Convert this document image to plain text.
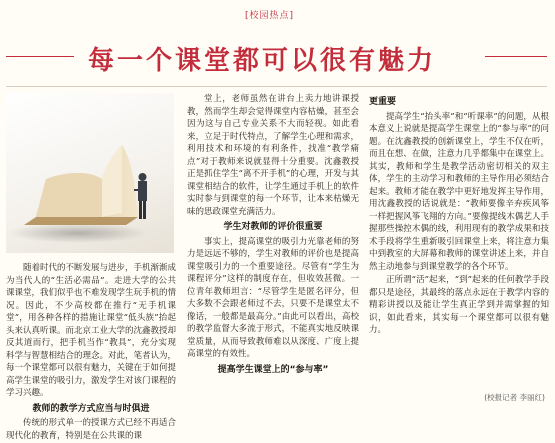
[校园热点]
每一个课堂都可以很有魅力

随着时代的不断发展与进步，手机渐渐成为当代人的“生活必需品”。走进大学的公共课课堂，我们似乎也不难发现学生玩手机的情况。因此，不少高校都在推行“无手机课堂”，用各种各样的措施让课堂“低头族”抬起头来认真听课。而北京工业大学的沈鑫教授却反其道而行，把手机当作“教具”，充分实现科学与智慧相结合的理念。对此，笔者认为，每一个课堂都可以很有魅力，关键在于如何提高学生课堂的吸引力，激发学生对该门课程的学习兴趣。

教师的教学方式应当与时俱进

传统的形式单一的授课方式已经不再适合现代化的教育，特别是在公共课的课

堂上，老师虽然在讲台上卖力地讲课授教，然而学生却会觉得课堂内容枯燥，甚至会因为这与自己专业关系不大而轻视。如此看来，立足于时代特点，了解学生心理和需求，利用技术和环境的有利条件，找准“教学痛点”对于教师来说就显得十分重要。沈鑫教授正是抓住学生“离不开手机”的心理，开发与其课堂相结合的软件，让学生通过手机上的软件实时参与到课堂的每一个环节，让本来枯燥无味的思政课堂充满活力。

学生对教师的评价很重要

事实上，提高课堂的吸引力光靠老师的努力是远远不够的，学生对教师的评价也是提高课堂吸引力的一个重要途径。尽管有“学生为课程评分”这样的制度存在，但收效甚微。一位青年教师坦言：“尽管学生是匿名评分，但大多数不会跟老师过不去，只要不是课堂太不像话，一般都是最高分。”由此可以看出，高校的教学监督大多流于形式，不能真实地反映课堂质量，从而导致教师难以从深度、广度上提高课堂的有效性。

提高学生课堂上的“参与率”
更重要

提高学生“抬头率”和“听课率”的问题，从根本意义上说就是提高学生课堂上的“参与率”的问题。在沈鑫教授的创新课堂上，学生不仅在听，而且在想、在做，注意力几乎都集中在课堂上。其实，教师和学生是教学活动密切相关的双主体，学生的主动学习和教师的主导作用必须结合起来。教师才能在教学中更好地发挥主导作用，用沈鑫教授的话说就是：“教师要像辛弃疾风筝一样把握风筝飞翔的方向。”要像提线木偶艺人手握那些操控木偶的线，利用现有的教学成果和技术手段将学生重新吸引回课堂上来，将注意力集中到教室的大屏幕和教师的课堂讲述上来，并自然主动地参与到课堂教学的各个环节。

正所谓“活”起来，“到”起来的任何教学手段都只是途径，其最终的落点永远在于教学内容的精彩讲授以及能让学生真正学到并需掌握的知识，如此看来，其实每一个课堂都可以很有魅力。

(校报记者 李丽红)
